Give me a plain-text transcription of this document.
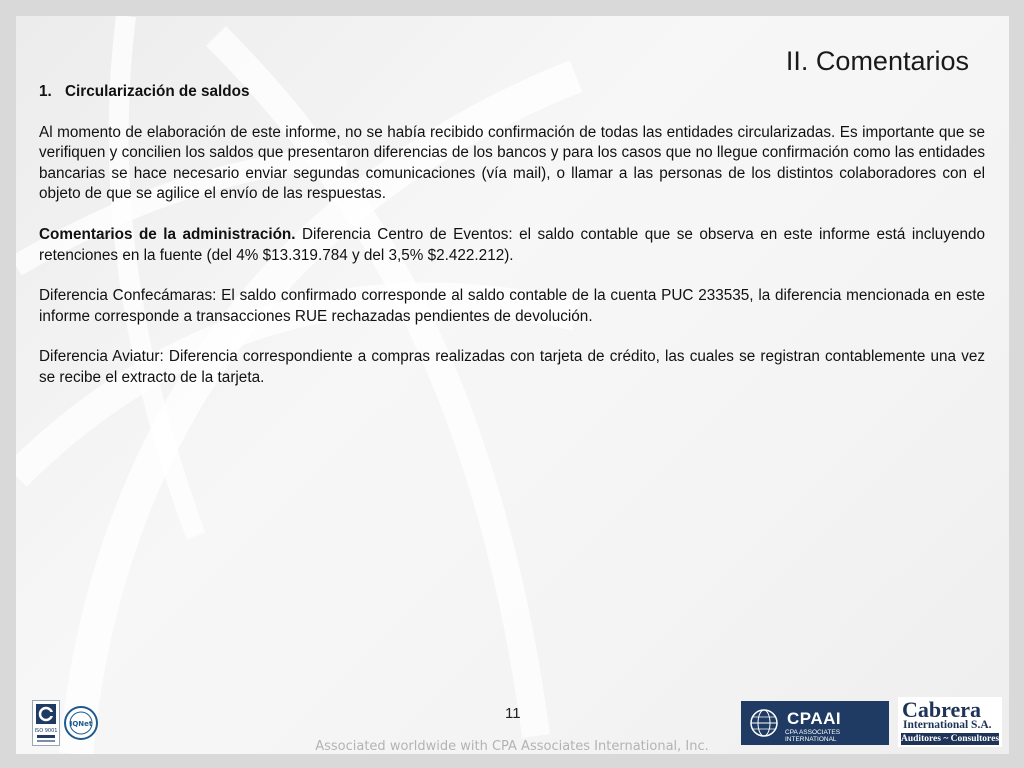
II. Comentarios
1. Circularización de saldos
Al momento de elaboración de este informe, no se había recibido confirmación de todas las entidades circularizadas. Es importante que se verifiquen y concilien los saldos que presentaron diferencias de los bancos y para los casos que no llegue confirmación como las entidades bancarias se hace necesario enviar segundas comunicaciones (vía mail), o llamar a las personas de los distintos colaboradores con el objeto de que se agilice el envío de las respuestas.
Comentarios de la administración. Diferencia Centro de Eventos: el saldo contable que se observa en este informe está incluyendo retenciones en la fuente (del 4% $13.319.784 y del 3,5% $2.422.212).
Diferencia Confecámaras: El saldo confirmado corresponde al saldo contable de la cuenta PUC 233535, la diferencia mencionada en este informe corresponde a transacciones RUE rechazadas pendientes de devolución.
Diferencia Aviatur: Diferencia correspondiente a compras realizadas con tarjeta de crédito, las cuales se registran contablemente una vez se recibe el extracto de la tarjeta.
ISO 9001
IQNet
11	CPAAI
CPA ASSOCIATES INTERNATIONAL
Cabrera
International S.A.
Auditores ~ Consultores
Associated worldwide with CPA Associates International, Inc.
